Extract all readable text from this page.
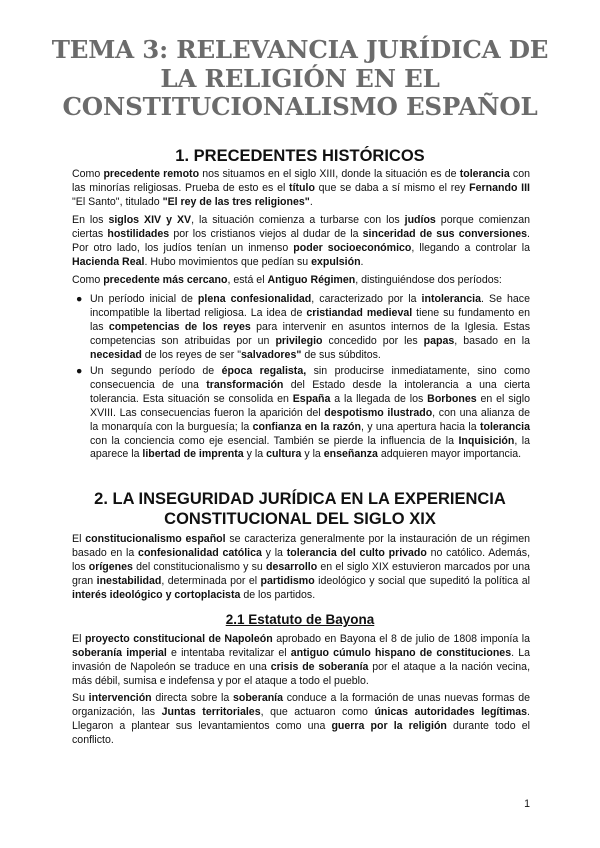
TEMA 3: RELEVANCIA JURÍDICA DE LA RELIGIÓN EN EL CONSTITUCIONALISMO ESPAÑOL
1. PRECEDENTES HISTÓRICOS

Como precedente remoto nos situamos en el siglo XIII, donde la situación es de tolerancia con las minorías religiosas. Prueba de esto es el título que se daba a sí mismo el rey Fernando III "El Santo", titulado "El rey de las tres religiones".

En los siglos XIV y XV, la situación comienza a turbarse con los judíos porque comienzan ciertas hostilidades por los cristianos viejos al dudar de la sinceridad de sus conversiones. Por otro lado, los judíos tenían un inmenso poder socioeconómico, llegando a controlar la Hacienda Real. Hubo movimientos que pedían su expulsión.

Como precedente más cercano, está el Antiguo Régimen, distinguiéndose dos períodos:

● Un período inicial de plena confesionalidad, caracterizado por la intolerancia. Se hace incompatible la libertad religiosa. La idea de cristiandad medieval tiene su fundamento en las competencias de los reyes para intervenir en asuntos internos de la Iglesia. Estas competencias son atribuidas por un privilegio concedido por les papas, basado en la necesidad de los reyes de ser "salvadores" de sus súbditos.

● Un segundo período de época regalista, sin producirse inmediatamente, sino como consecuencia de una transformación del Estado desde la intolerancia a una cierta tolerancia. Esta situación se consolida en España a la llegada de los Borbones en el siglo XVIII. Las consecuencias fueron la aparición del despotismo ilustrado, con una alianza de la monarquía con la burguesía; la confianza en la razón, y una apertura hacia la tolerancia con la conciencia como eje esencial. También se pierde la influencia de la Inquisición, la aparece la libertad de imprenta y la cultura y la enseñanza adquieren mayor importancia.

2. LA INSEGURIDAD JURÍDICA EN LA EXPERIENCIA CONSTITUCIONAL DEL SIGLO XIX

El constitucionalismo español se caracteriza generalmente por la instauración de un régimen basado en la confesionalidad católica y la tolerancia del culto privado no católico. Además, los orígenes del constitucionalismo y su desarrollo en el siglo XIX estuvieron marcados por una gran inestabilidad, determinada por el partidismo ideológico y social que supeditó la política al interés ideológico y cortoplacista de los partidos.

2.1 Estatuto de Bayona

El proyecto constitucional de Napoleón aprobado en Bayona el 8 de julio de 1808 imponía la soberanía imperial e intentaba revitalizar el antiguo cúmulo hispano de constituciones. La invasión de Napoleón se traduce en una crisis de soberanía por el ataque a la nación vecina, más débil, sumisa e indefensa y por el ataque a todo el pueblo.

Su intervención directa sobre la soberanía conduce a la formación de unas nuevas formas de organización, las Juntas territoriales, que actuaron como únicas autoridades legítimas. Llegaron a plantear sus levantamientos como una guerra por la religión durante todo el conflicto.

1
